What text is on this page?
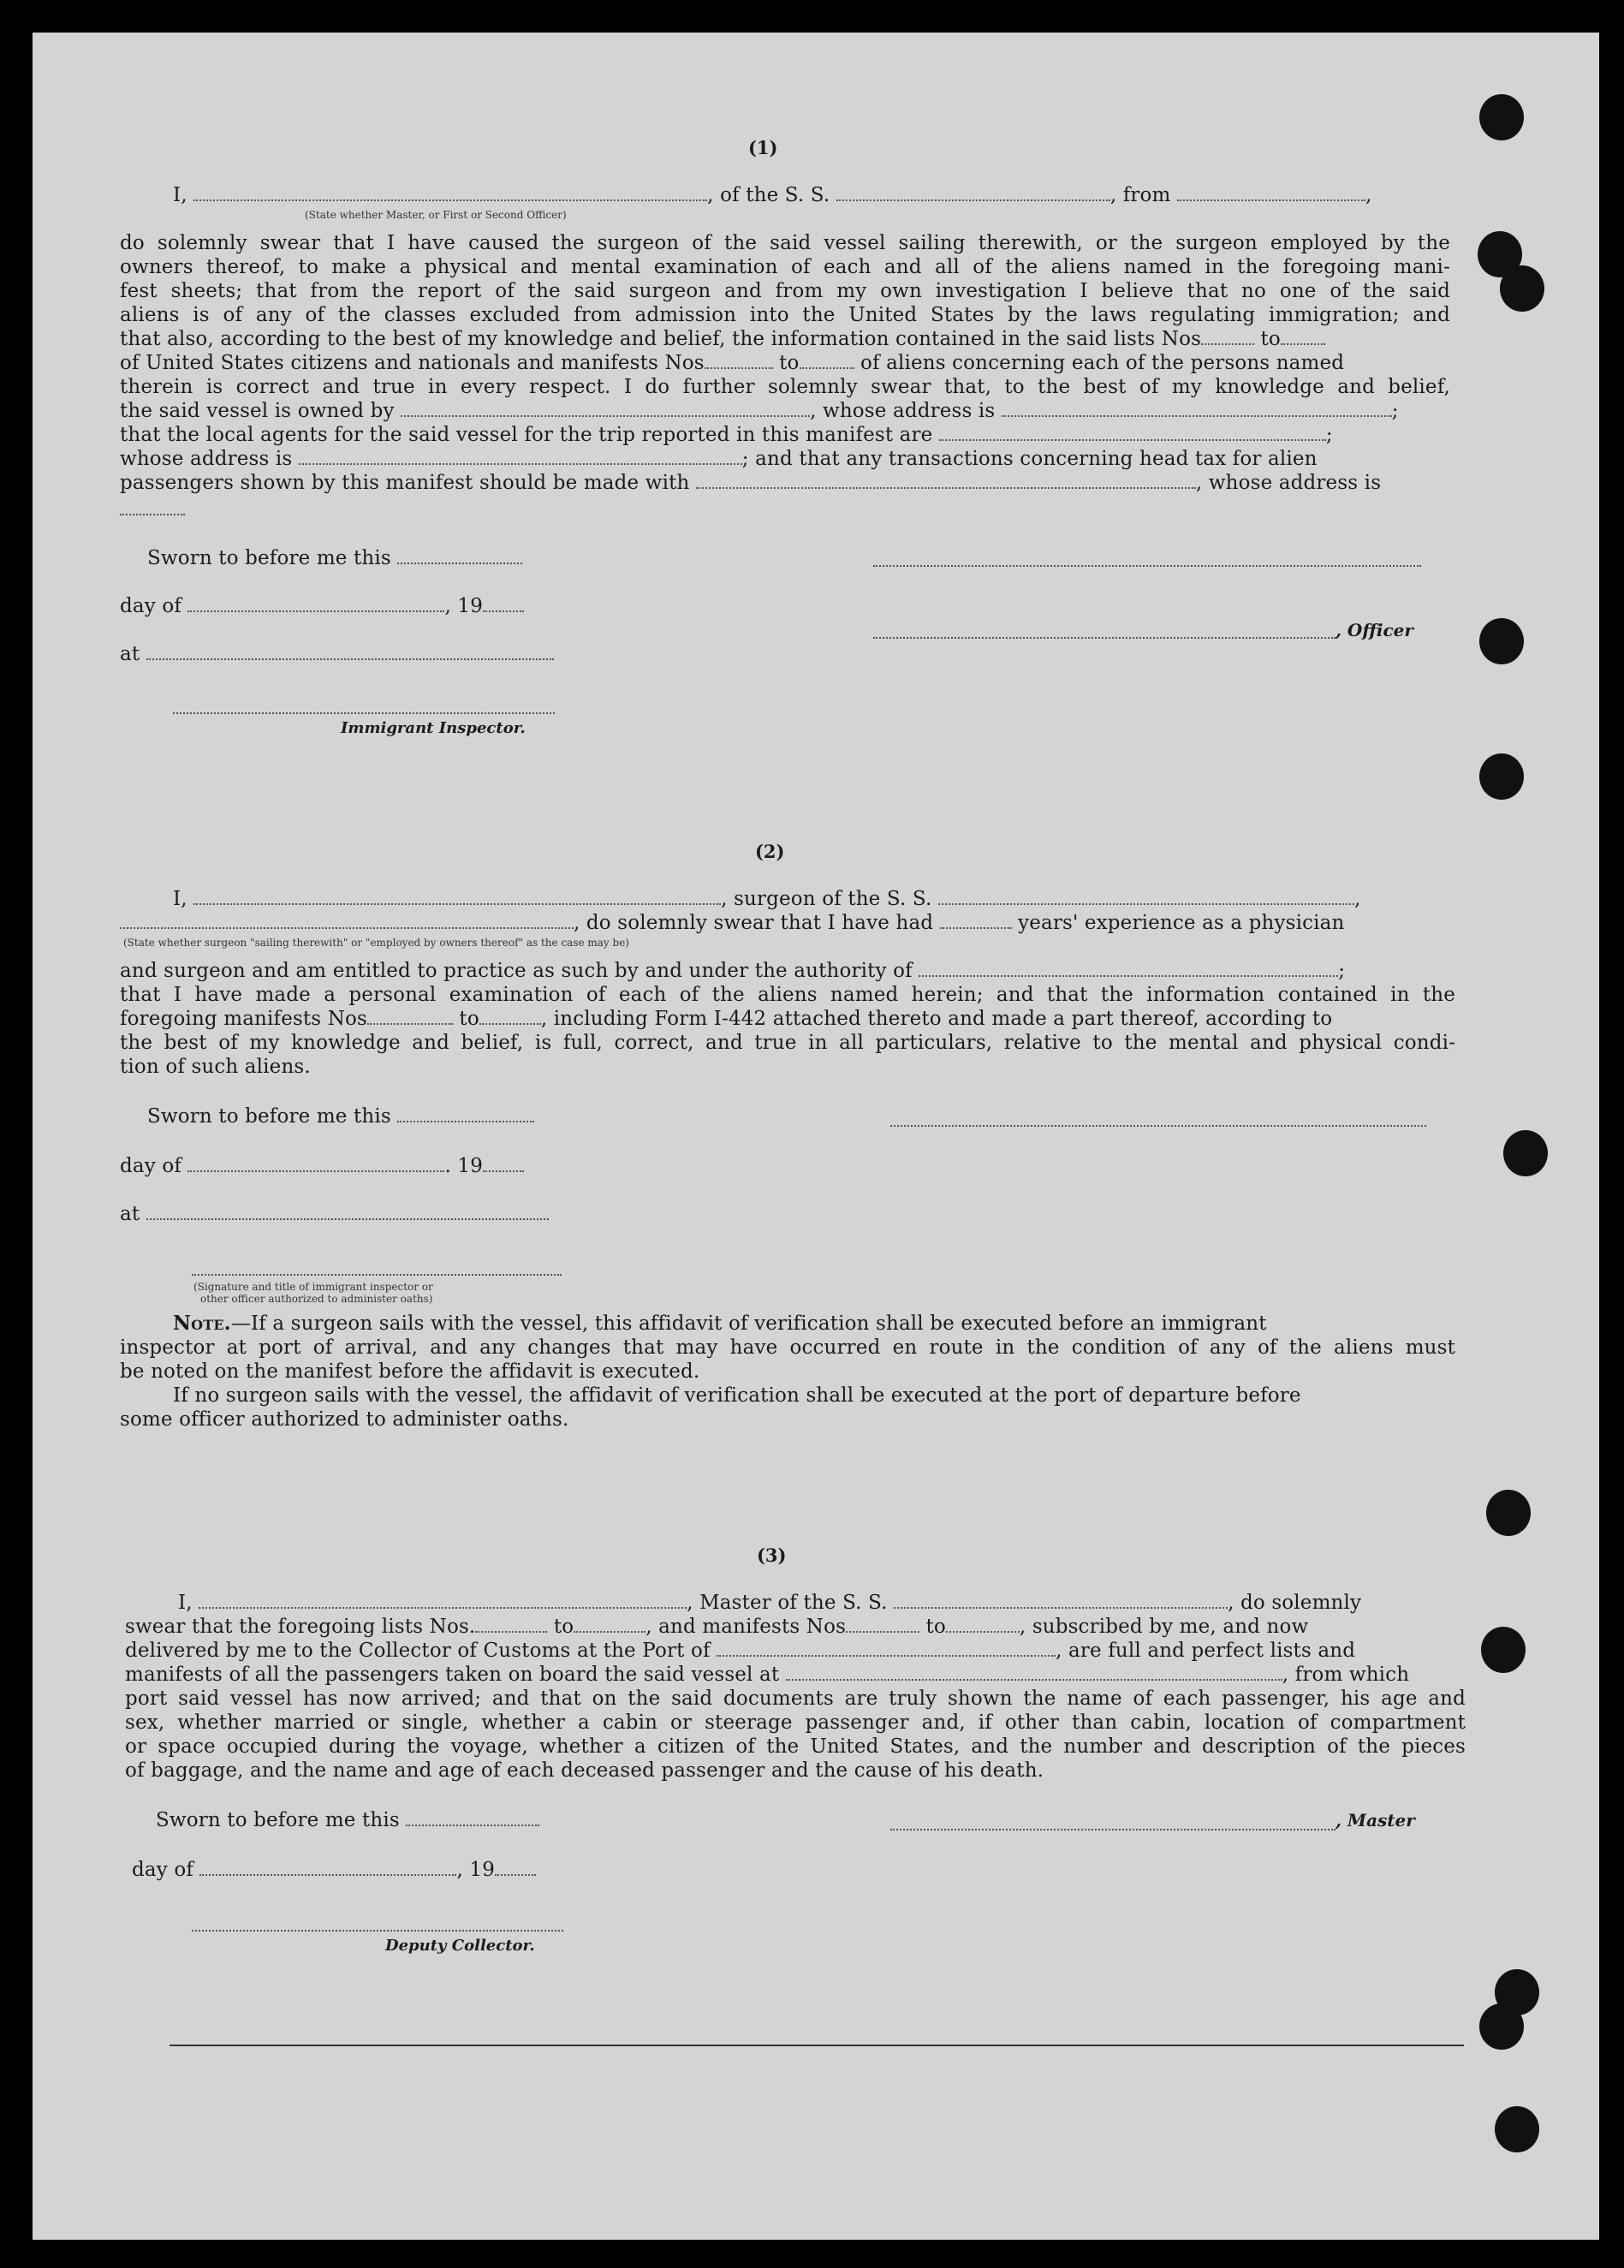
(1)
I,	, of the S. S.	, from	,
(State whether Master, or First or Second Officer)
do solemnly swear that I have caused the surgeon of the said vessel sailing therewith, or the surgeon employed by the
owners thereof, to make a physical and mental examination of each and all of the aliens named in the foregoing mani-
fest sheets; that from the report of the said surgeon and from my own investigation I believe that no one of the said
aliens is of any of the classes excluded from admission into the United States by the laws regulating immigration; and
that also, according to the best of my knowledge and belief, the information contained in the said lists Nos	to
of United States citizens and nationals and manifests Nos	to	of aliens concerning each of the persons named
therein is correct and true in every respect. I do further solemnly swear that, to the best of my knowledge and belief,
the said vessel is owned by	, whose address is	;
that the local agents for the said vessel for the trip reported in this manifest are	;
whose address is	; and that any transactions concerning head tax for alien
passengers shown by this manifest should be made with	, whose address is
Sworn to before me this
day of	, 19
, Officer
at
Immigrant Inspector.
(2)
I,	, surgeon of the S. S.	,
, do solemnly swear that I have had	years' experience as a physician
(State whether surgeon "sailing therewith" or "employed by owners thereof" as the case may be)
and surgeon and am entitled to practice as such by and under the authority of	;
that I have made a personal examination of each of the aliens named herein; and that the information contained in the
foregoing manifests Nos	to	, including Form I-442 attached thereto and made a part thereof, according to
the best of my knowledge and belief, is full, correct, and true in all particulars, relative to the mental and physical condi-
tion of such aliens.
Sworn to before me this
day of	. 19
at
(Signature and title of immigrant inspector or
other officer authorized to administer oaths)
Note.—If a surgeon sails with the vessel, this affidavit of verification shall be executed before an immigrant
inspector at port of arrival, and any changes that may have occurred en route in the condition of any of the aliens must
be noted on the manifest before the affidavit is executed.
If no surgeon sails with the vessel, the affidavit of verification shall be executed at the port of departure before
some officer authorized to administer oaths.
(3)
I,	, Master of the S. S.	, do solemnly
swear that the foregoing lists Nos.	to	, and manifests Nos	to	, subscribed by me, and now
delivered by me to the Collector of Customs at the Port of	, are full and perfect lists and
manifests of all the passengers taken on board the said vessel at	, from which
port said vessel has now arrived; and that on the said documents are truly shown the name of each passenger, his age and
sex, whether married or single, whether a cabin or steerage passenger and, if other than cabin, location of compartment
or space occupied during the voyage, whether a citizen of the United States, and the number and description of the pieces
of baggage, and the name and age of each deceased passenger and the cause of his death.
Sworn to before me this	, Master
day of	, 19
Deputy Collector.
